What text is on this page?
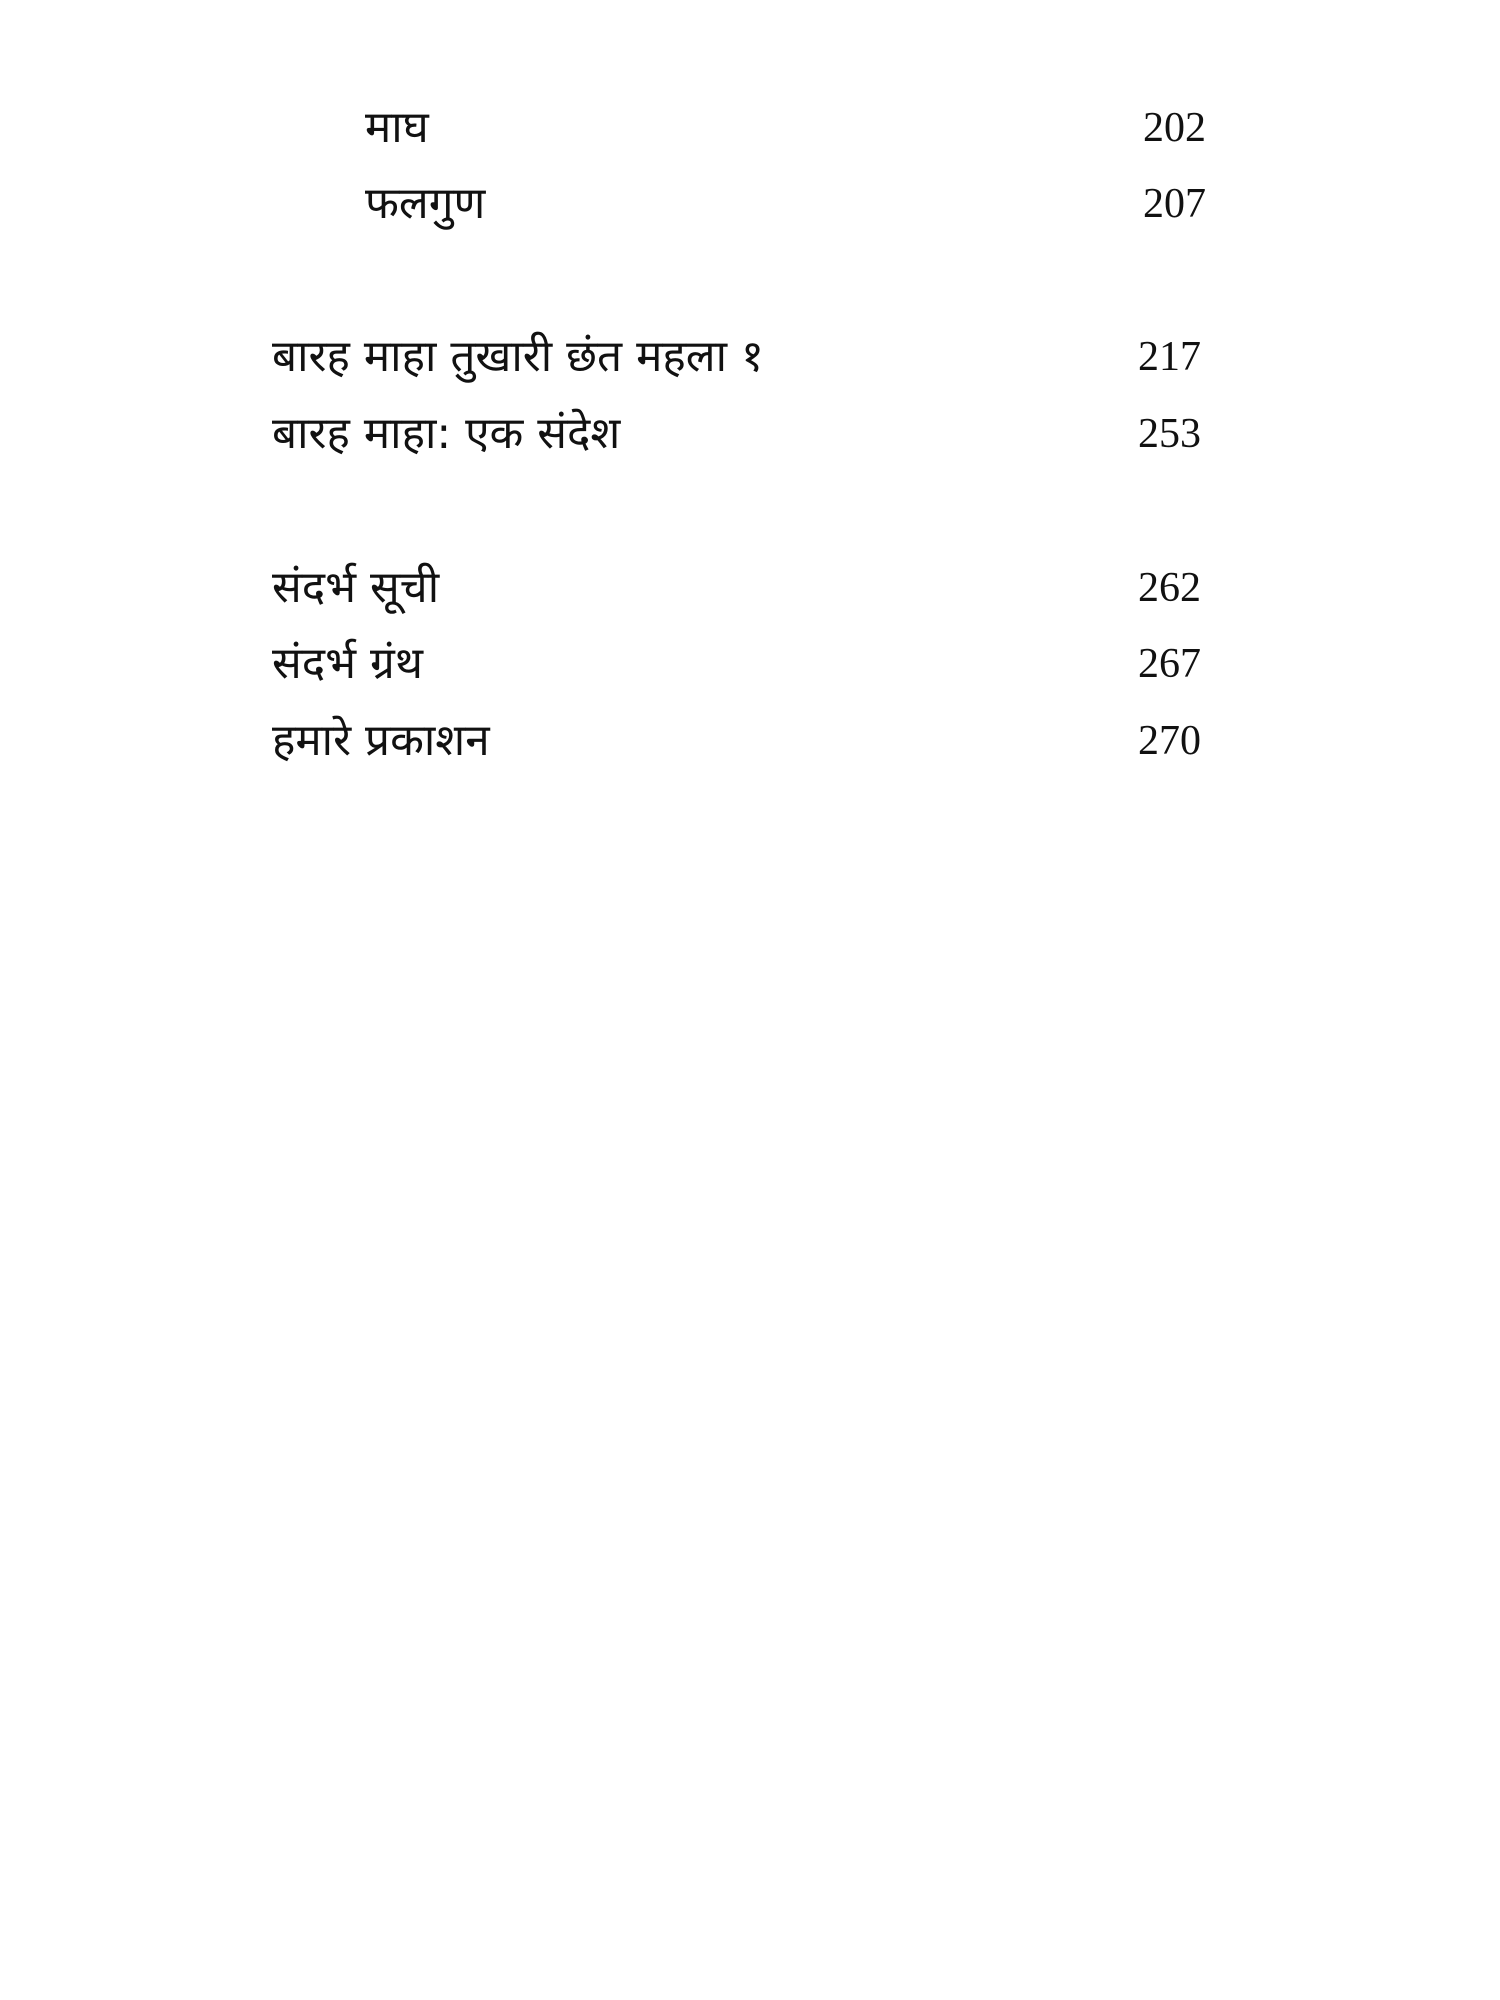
माघ	202
फलगुण	207
बारह माहा तुखारी छंत महला १	217
बारह माहा: एक संदेश	253
संदर्भ सूची	262
संदर्भ ग्रंथ	267
हमारे प्रकाशन	270
